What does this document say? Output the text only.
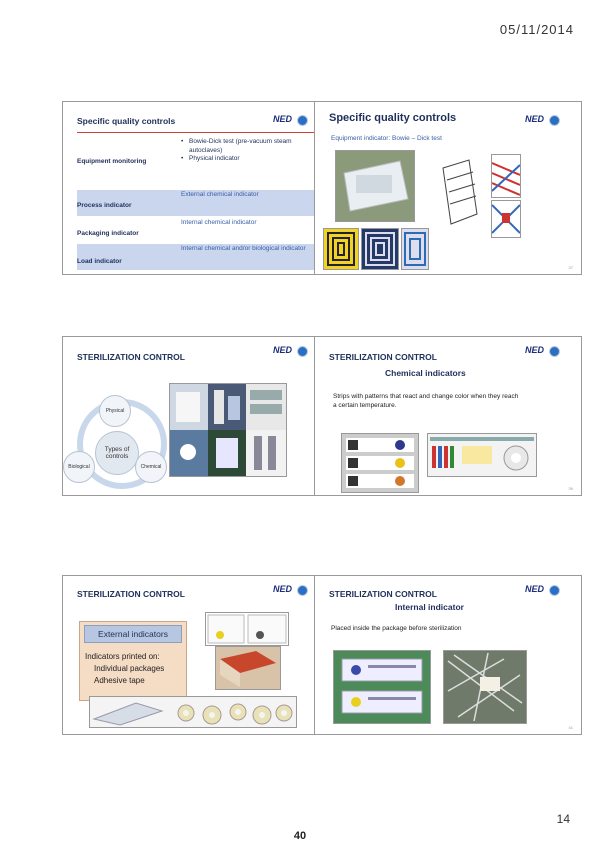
05/11/2014
Specific quality controls	NED
Equipment monitoring
• Bowie-Dick test (pre-vacuum steam autoclaves)
• Physical indicator
Process indicator
External chemical indicator
Packaging indicator
Internal chemical indicator
Load indicator
Internal chemical and/or biological indicator
Specific quality controls	NED
Equipment indicator: Bowie – Dick test
37
STERILIZATION CONTROL
NED
Physical
Types of controls
Biological	Chemical
STERILIZATION CONTROL
NED
Chemical indicators
Strips with patterns that react and change color when they reach a certain temperature.
39
STERILIZATION CONTROL	NED
External indicators
Indicators printed on:
Individual packages
Adhesive tape
STERILIZATION CONTROL	NED
Internal indicator
Placed inside the package before sterilization
41
14
40
